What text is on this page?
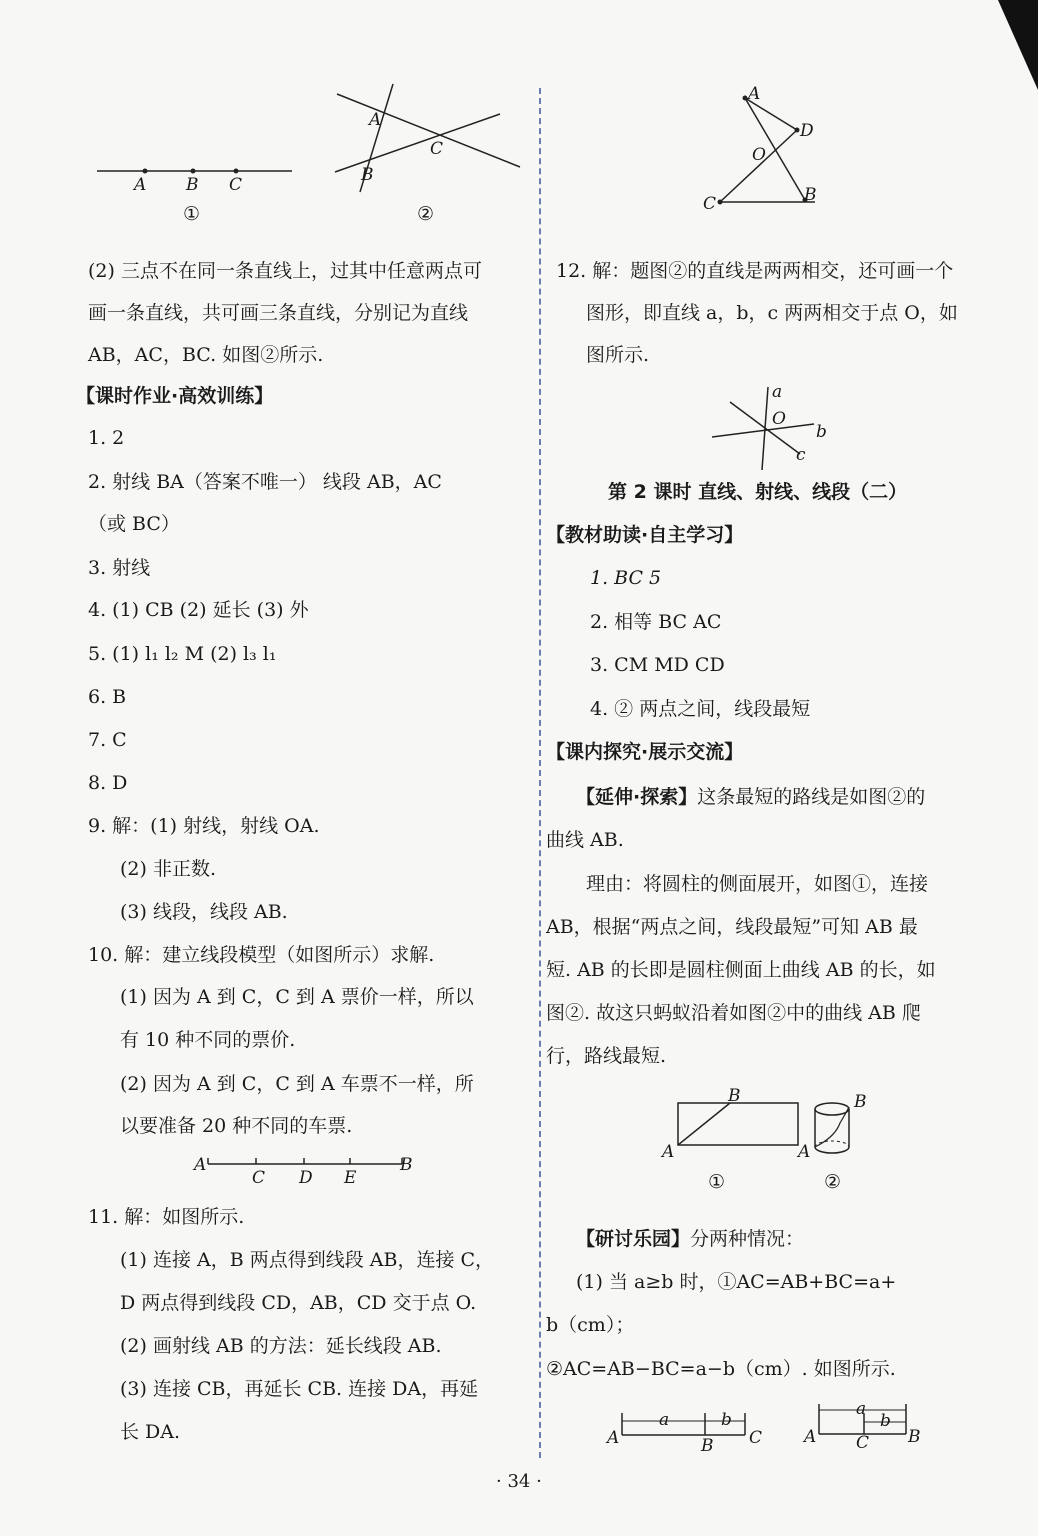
A B C
①
A
C
B
②
(2) 三点不在同一条直线上，过其中任意两点可
画一条直线，共可画三条直线，分别记为直线
AB，AC，BC. 如图②所示.
【课时作业·高效训练】
1. 2
2. 射线 BA（答案不唯一） 线段 AB，AC
（或 BC）
3. 射线
4. (1) CB (2) 延长 (3) 外
5. (1) l₁ l₂ M (2) l₃ l₁
6. B
7. C
8. D
9. 解：(1) 射线，射线 OA.
(2) 非正数.
(3) 线段，线段 AB.
10. 解：建立线段模型（如图所示）求解.
(1) 因为 A 到 C，C 到 A 票价一样，所以
有 10 种不同的票价.
(2) 因为 A 到 C，C 到 A 车票不一样，所
以要准备 20 种不同的车票.
A
C D E
B
11. 解：如图所示.
(1) 连接 A，B 两点得到线段 AB，连接 C，
D 两点得到线段 CD，AB，CD 交于点 O.
(2) 画射线 AB 的方法：延长线段 AB.
(3) 连接 CB，再延长 CB. 连接 DA，再延
长 DA.
A
D
O
C	B
12. 解：题图②的直线是两两相交，还可画一个
图形，即直线 a，b，c 两两相交于点 O，如
图所示.
a
O
b
c
第 2 课时 直线、射线、线段（二）
【教材助读·自主学习】
1. BC 5
2. 相等 BC AC
3. CM MD CD
4. ② 两点之间，线段最短
【课内探究·展示交流】
【延伸·探索】这条最短的路线是如图②的
曲线 AB.
理由：将圆柱的侧面展开，如图①，连接
AB，根据“两点之间，线段最短”可知 AB 最
短. AB 的长即是圆柱侧面上曲线 AB 的长，如
图②. 故这只蚂蚁沿着如图②中的曲线 AB 爬
行，路线最短.
B
A
①
B
A
②
【研讨乐园】分两种情况：
(1) 当 a≥b 时，①AC=AB+BC=a+
b（cm）；
②AC=AB−BC=a−b（cm）. 如图所示.
a	b
A	B C
a
b
A C B
· 34 ·
